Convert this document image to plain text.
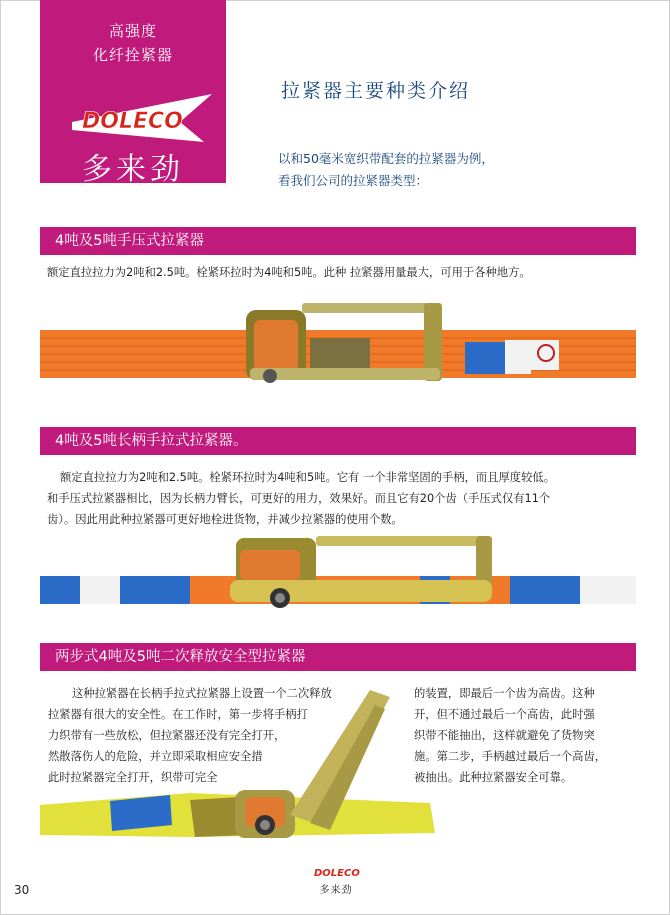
高强度
化纤拴紧器
DOLECO
多来劲
拉紧器主要种类介绍
以和50毫米宽织带配套的拉紧器为例，
看我们公司的拉紧器类型：
4吨及5吨手压式拉紧器
额定直拉拉力为2吨和2.5吨。栓紧环拉时为4吨和5吨。此种 拉紧器用量最大，可用于各种地方。
4吨及5吨长柄手拉式拉紧器。

额定直拉拉力为2吨和2.5吨。栓紧环拉时为4吨和5吨。它有 一个非常坚固的手柄，而且厚度较低。

和手压式拉紧器相比，因为长柄力臂长，可更好的用力，效果好。而且它有20个齿（手压式仅有11个

齿）。因此用此种拉紧器可更好地栓进货物，并减少拉紧器的使用个数。

两步式4吨及5吨二次释放安全型拉紧器
这种拉紧器在长柄手拉式拉紧器上设置一个二次释放
拉紧器有很大的安全性。在工作时，第一步将手柄打
力织带有一些放松，但拉紧器还没有完全打开，
然散落伤人的危险，并立即采取相应安全措
此时拉紧器完全打开，织带可完全
的装置，即最后一个齿为高齿。这种
开，但不通过最后一个高齿，此时强
织带不能抽出，这样就避免了货物突
施。第二步，手柄越过最后一个高齿，
被抽出。此种拉紧器安全可靠。
30
DOLECO
多来劲
